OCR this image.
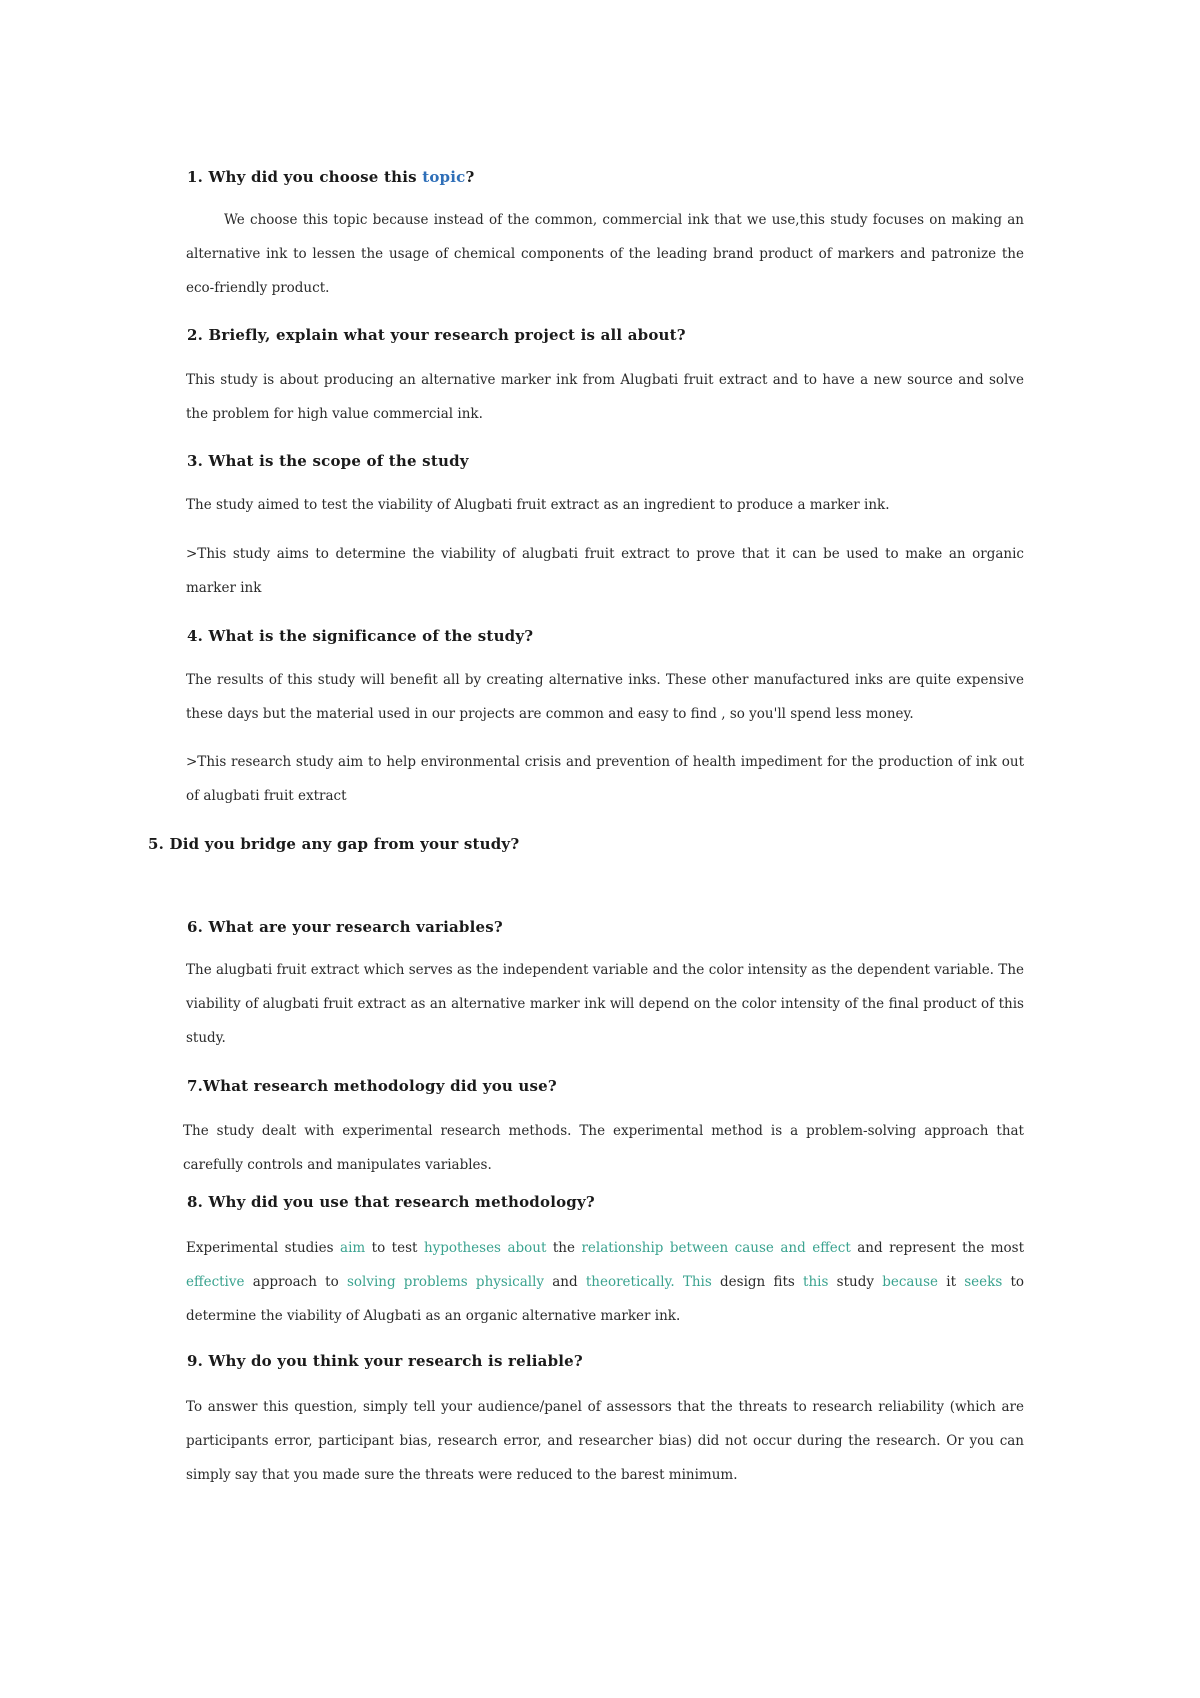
1. Why did you choose this topic?

We choose this topic because instead of the common, commercial ink that we use,this study focuses on making an alternative ink to lessen the usage of chemical components of the leading brand product of markers and patronize the eco-friendly product.

2. Briefly, explain what your research project is all about?

This study is about producing an alternative marker ink from Alugbati fruit extract and to have a new source and solve the problem for high value commercial ink.

3. What is the scope of the study

The study aimed to test the viability of Alugbati fruit extract as an ingredient to produce a marker ink.

>This study aims to determine the viability of alugbati fruit extract to prove that it can be used to make an organic marker ink

4. What is the significance of the study?

The results of this study will benefit all by creating alternative inks. These other manufactured inks are quite expensive these days but the material used in our projects are common and easy to find , so you'll spend less money.

>This research study aim to help environmental crisis and prevention of health impediment for the production of ink out of alugbati fruit extract

5. Did you bridge any gap from your study?
6. What are your research variables?

The alugbati fruit extract which serves as the independent variable and the color intensity as the dependent variable. The viability of alugbati fruit extract as an alternative marker ink will depend on the color intensity of the final product of this study.

7.What research methodology did you use?

The study dealt with experimental research methods. The experimental method is a problem-solving approach that carefully controls and manipulates variables.

8. Why did you use that research methodology?

Experimental studies aim to test hypotheses about the relationship between cause and effect and represent the most effective approach to solving problems physically and theoretically. This design fits this study because it seeks to determine the viability of Alugbati as an organic alternative marker ink.

9. Why do you think your research is reliable?

To answer this question, simply tell your audience/panel of assessors that the threats to research reliability (which are participants error, participant bias, research error, and researcher bias) did not occur during the research. Or you can simply say that you made sure the threats were reduced to the barest minimum.
